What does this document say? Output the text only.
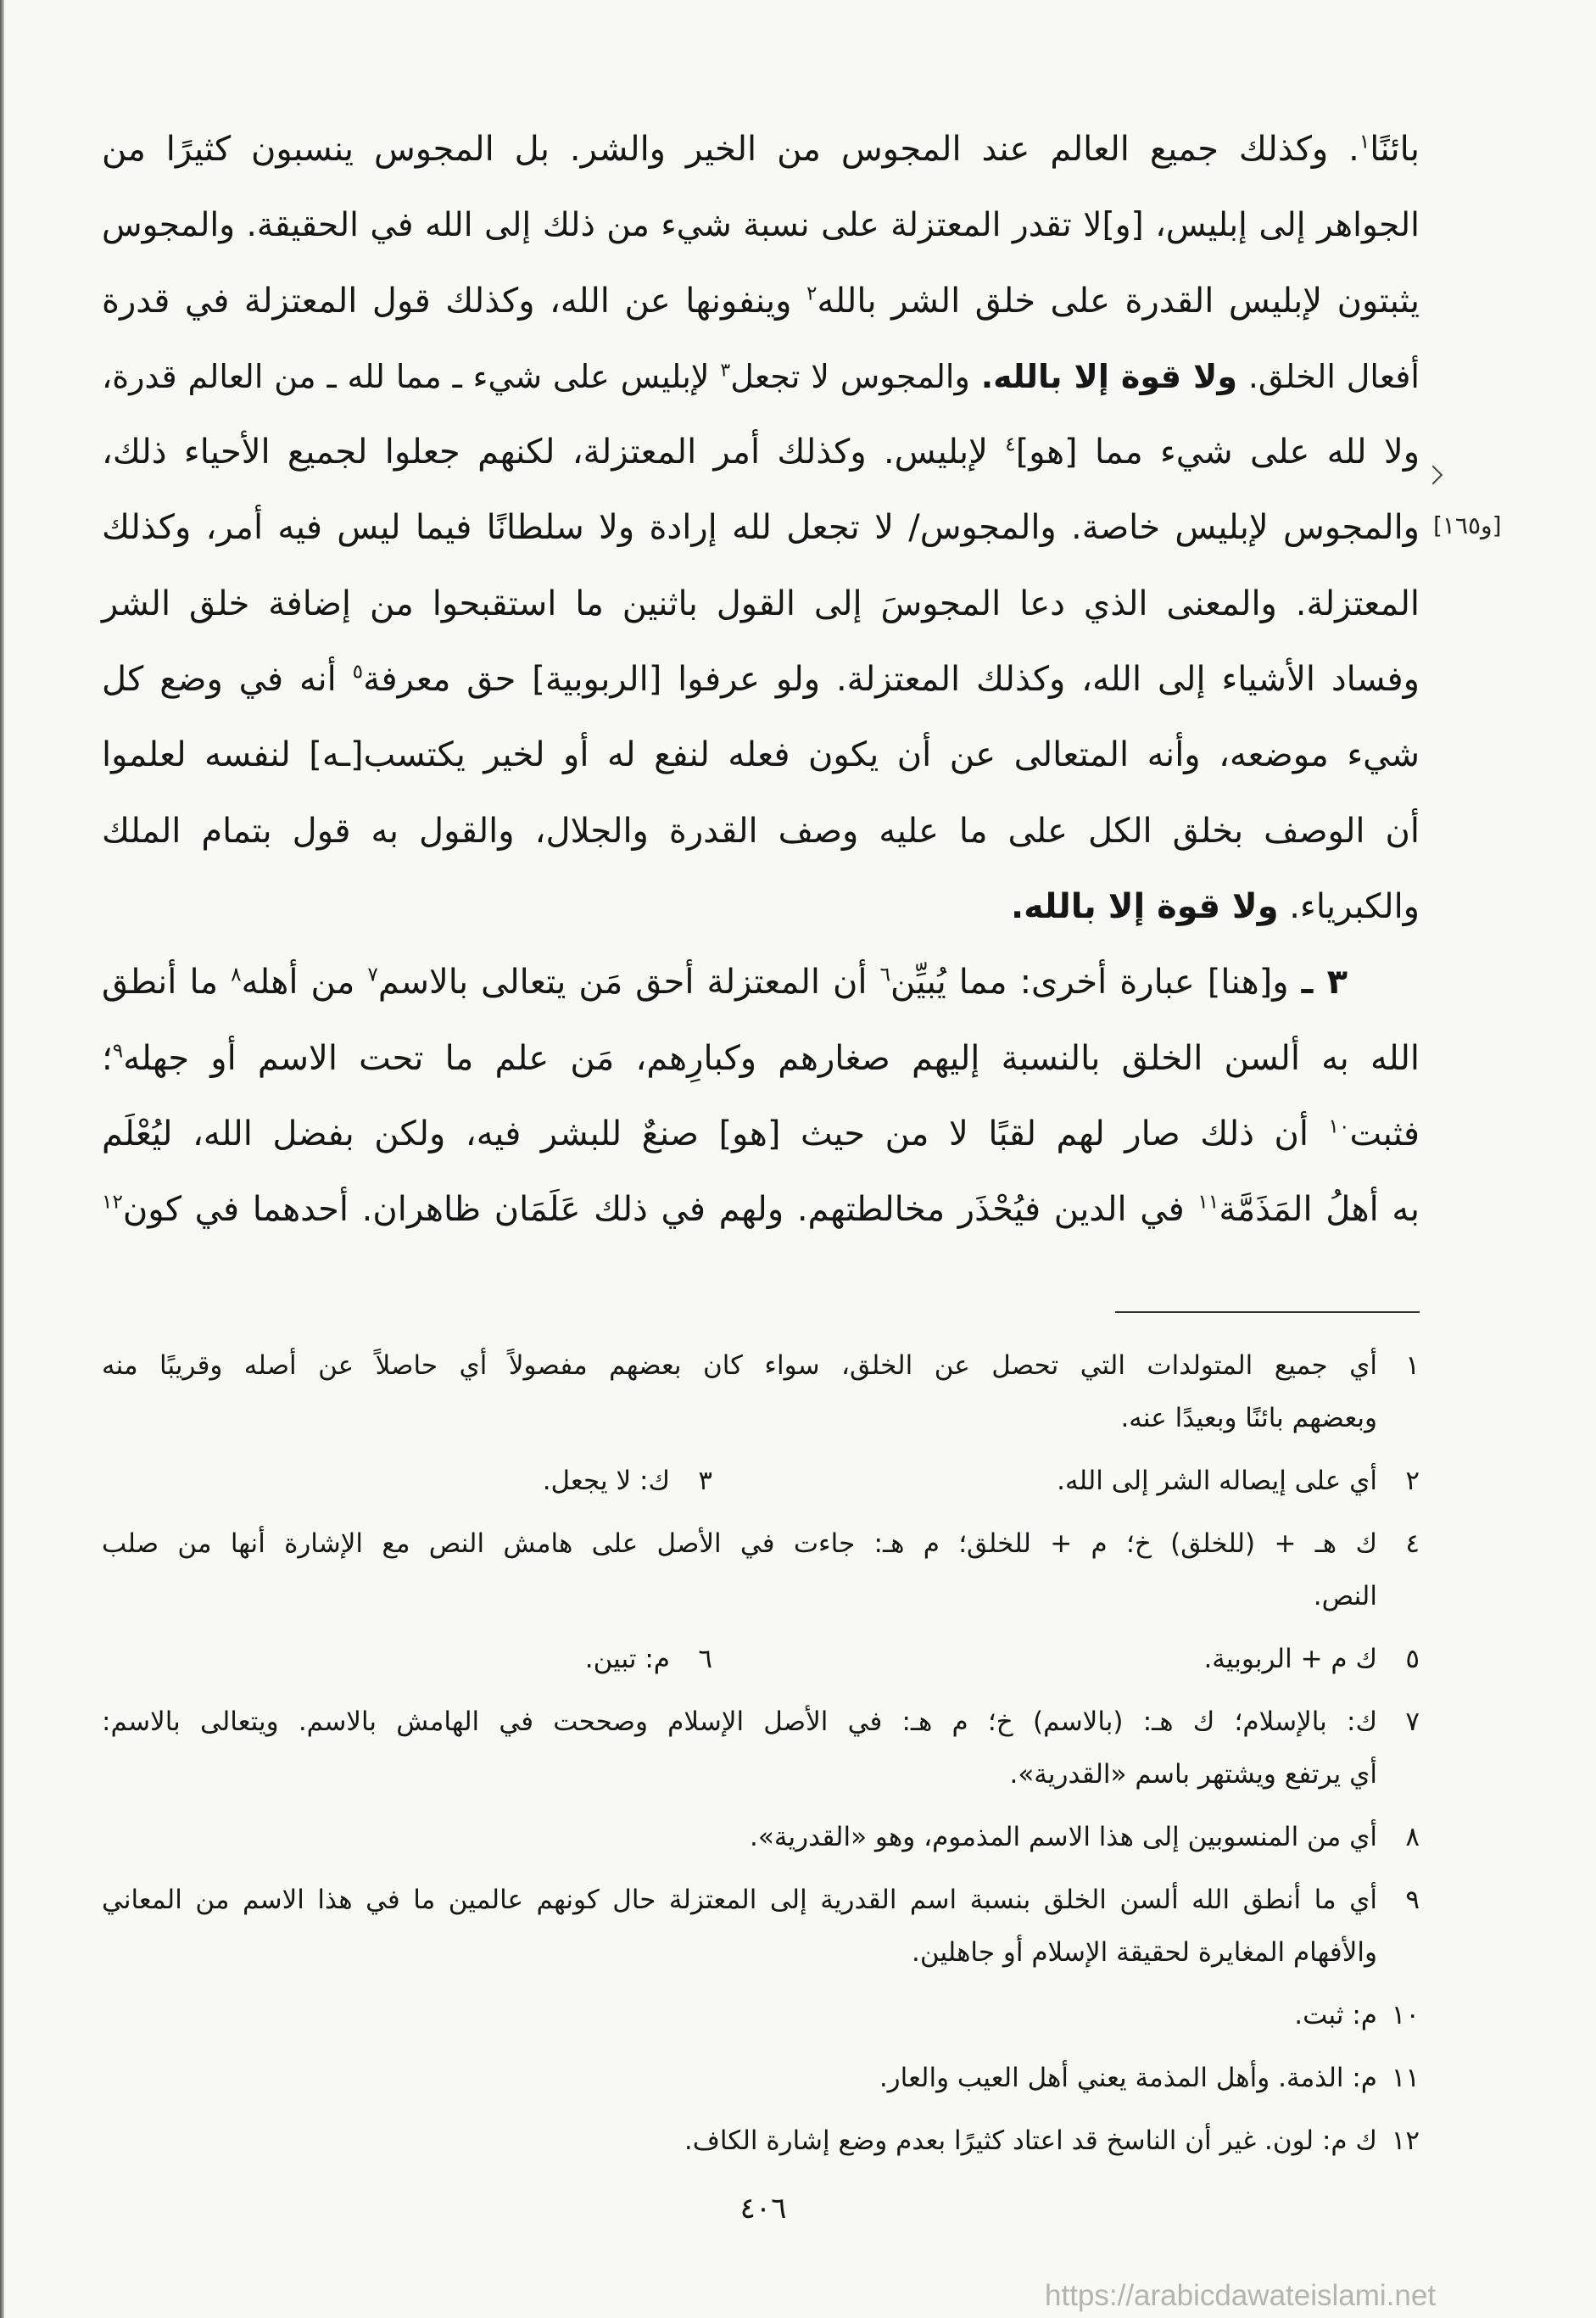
بائنًا$^١$. وكذلك جميع العالم عند المجوس من الخير والشر. بل المجوس ينسبون كثيرًا من
الجواهر إلى إبليس، [و]لا تقدر المعتزلة على نسبة شيء من ذلك إلى الله في الحقيقة. والمجوس
يثبتون لإبليس القدرة على خلق الشر بالله$^٢$ وينفونها عن الله، وكذلك قول المعتزلة في قدرة
أفعال الخلق. ولا قوة إلا بالله. والمجوس لا تجعل$^٣$ لإبليس على شيء ـ مما لله ـ من العالم قدرة،
ولا لله على شيء مما [هو]$^٤$ لإبليس. وكذلك أمر المعتزلة، لكنهم جعلوا لجميع الأحياء ذلك،
والمجوس لإبليس خاصة. والمجوس/ لا تجعل لله إرادة ولا سلطانًا فيما ليس فيه أمر، وكذلك
المعتزلة. والمعنى الذي دعا المجوسَ إلى القول باثنين ما استقبحوا من إضافة خلق الشر
وفساد الأشياء إلى الله، وكذلك المعتزلة. ولو عرفوا [الربوبية] حق معرفة$^٥$ أنه في وضع كل
شيء موضعه، وأنه المتعالى عن أن يكون فعله لنفع له أو لخير يكتسب[ـه] لنفسه لعلموا
أن الوصف بخلق الكل على ما عليه وصف القدرة والجلال، والقول به قول بتمام الملك
والكبرياء. ولا قوة إلا بالله.
٣ ـ و[هنا] عبارة أخرى: مما يُبيِّن$^٦$ أن المعتزلة أحق مَن يتعالى بالاسم$^٧$ من أهله$^٨$ ما أنطق
الله به ألسن الخلق بالنسبة إليهم صغارهم وكبارِهم، مَن علم ما تحت الاسم أو جهله$^٩$؛
فثبت$^{١٠}$ أن ذلك صار لهم لقبًا لا من حيث [هو] صنعٌ للبشر فيه، ولكن بفضل الله، ليُعْلَم
به أهلُ المَذَمَّة$^{١١}$ في الدين فيُحْذَر مخالطتهم. ولهم في ذلك عَلَمَان ظاهران. أحدهما في كون$^{١٢}$
[١٦٥و]
١
أي جميع المتولدات التي تحصل عن الخلق، سواء كان بعضهم مفصولاً أي حاصلاً عن أصله وقريبًا منه
وبعضهم بائنًا وبعيدًا عنه.
٢
أي على إيصاله الشر إلى الله.
٣
ك: لا يجعل.
٤
ك هـ + (للخلق) خ؛ م + للخلق؛ م هـ: جاءت في الأصل على هامش النص مع الإشارة أنها من صلب
النص.
٥
ك م + الربوبية.
٦
م: تبين.
٧
ك: بالإسلام؛ ك هـ: (بالاسم) خ؛ م هـ: في الأصل الإسلام وصححت في الهامش بالاسم. ويتعالى بالاسم:
أي يرتفع ويشتهر باسم «القدرية».
٨
أي من المنسوبين إلى هذا الاسم المذموم، وهو «القدرية».
٩
أي ما أنطق الله ألسن الخلق بنسبة اسم القدرية إلى المعتزلة حال كونهم عالمين ما في هذا الاسم من المعاني
والأفهام المغايرة لحقيقة الإسلام أو جاهلين.
١٠
م: ثبت.
١١
م: الذمة. وأهل المذمة يعني أهل العيب والعار.
١٢
ك م: لون. غير أن الناسخ قد اعتاد كثيرًا بعدم وضع إشارة الكاف.
٤٠٦
https://arabicdawateislami.net
